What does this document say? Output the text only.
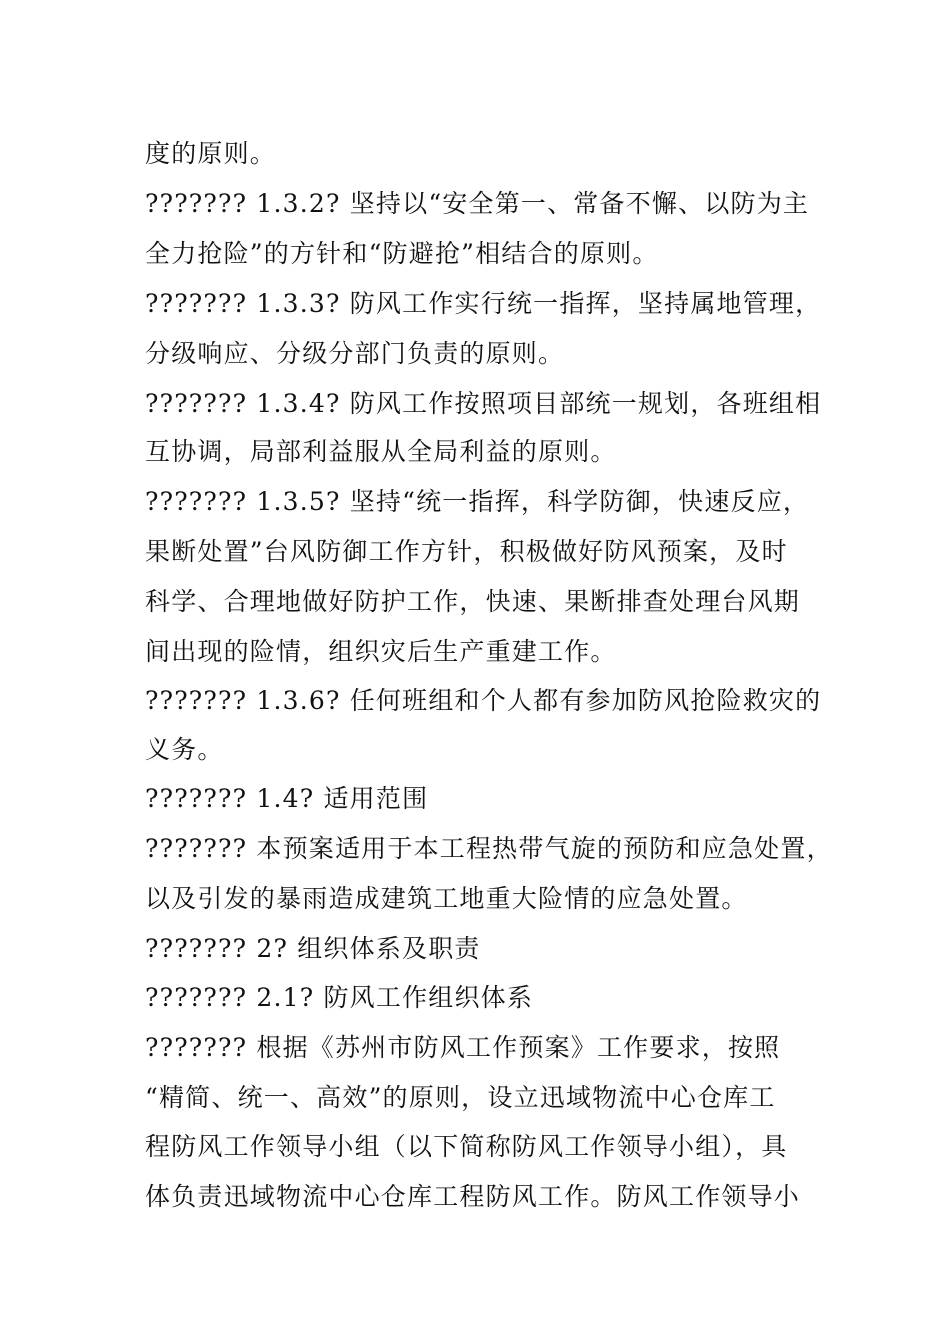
度的原则。
??????? 1.3.2? 坚持以“安全第一、常备不懈、以防为主
全力抢险”的方针和“防避抢”相结合的原则。
??????? 1.3.3? 防风工作实行统一指挥，坚持属地管理，
分级响应、分级分部门负责的原则。
??????? 1.3.4? 防风工作按照项目部统一规划，各班组相
互协调，局部利益服从全局利益的原则。
??????? 1.3.5? 坚持“统一指挥，科学防御，快速反应，
果断处置”台风防御工作方针，积极做好防风预案，及时
科学、合理地做好防护工作，快速、果断排查处理台风期
间出现的险情，组织灾后生产重建工作。
??????? 1.3.6? 任何班组和个人都有参加防风抢险救灾的
义务。
??????? 1.4? 适用范围
??????? 本预案适用于本工程热带气旋的预防和应急处置，
以及引发的暴雨造成建筑工地重大险情的应急处置。
??????? 2? 组织体系及职责
??????? 2.1? 防风工作组织体系
??????? 根据《苏州市防风工作预案》工作要求，按照
“精简、统一、高效”的原则，设立迅域物流中心仓库工
程防风工作领导小组（以下简称防风工作领导小组），具
体负责迅域物流中心仓库工程防风工作。防风工作领导小
